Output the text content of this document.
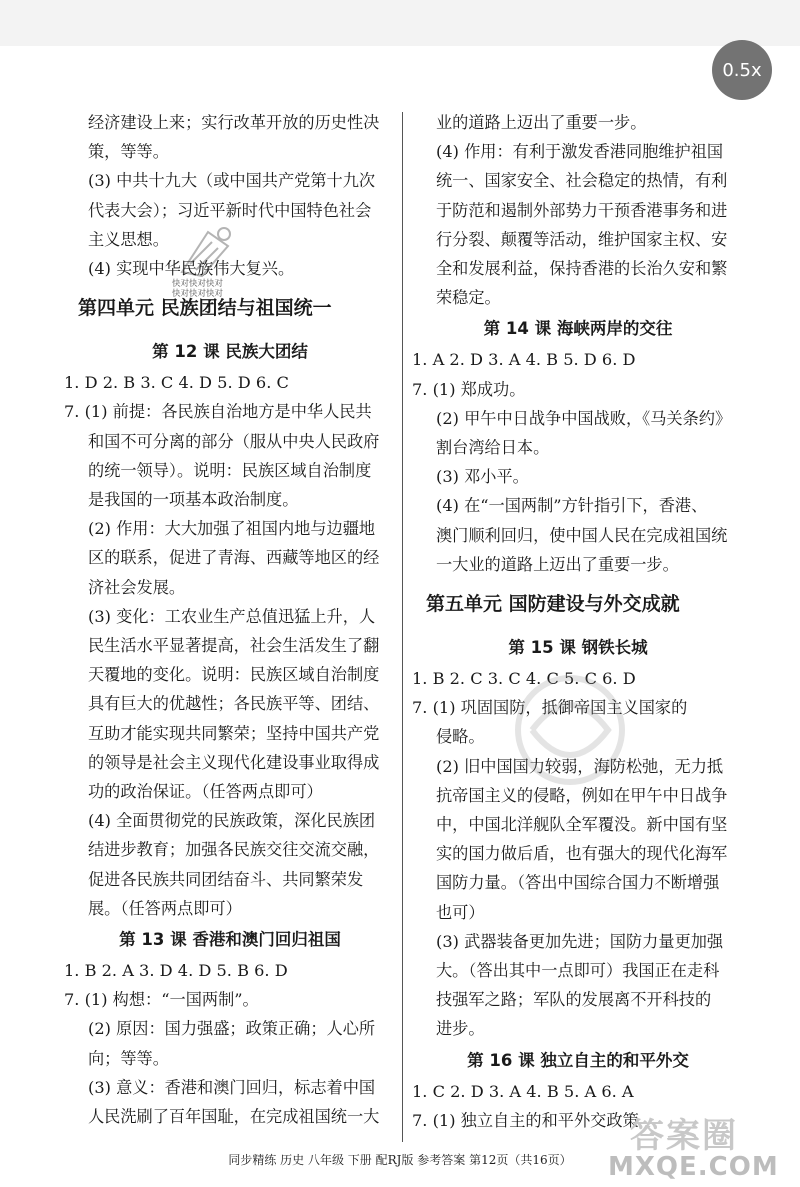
0.5x
快对快对快对
快对快对快对
经济建设上来；实行改革开放的历史性决
策，等等。
(3) 中共十九大（或中国共产党第十九次
代表大会）；习近平新时代中国特色社会
主义思想。
(4) 实现中华民族伟大复兴。
第四单元 民族团结与祖国统一
第 12 课 民族大团结
1. D 2. B 3. C 4. D 5. D 6. C
7. (1) 前提：各民族自治地方是中华人民共
和国不可分离的部分（服从中央人民政府
的统一领导）。说明：民族区域自治制度
是我国的一项基本政治制度。
(2) 作用：大大加强了祖国内地与边疆地
区的联系，促进了青海、西藏等地区的经
济社会发展。
(3) 变化：工农业生产总值迅猛上升，人
民生活水平显著提高，社会生活发生了翻
天覆地的变化。说明：民族区域自治制度
具有巨大的优越性；各民族平等、团结、
互助才能实现共同繁荣；坚持中国共产党
的领导是社会主义现代化建设事业取得成
功的政治保证。（任答两点即可）
(4) 全面贯彻党的民族政策，深化民族团
结进步教育；加强各民族交往交流交融，
促进各民族共同团结奋斗、共同繁荣发
展。（任答两点即可）
第 13 课 香港和澳门回归祖国
1. B 2. A 3. D 4. D 5. B 6. D
7. (1) 构想：“一国两制”。
(2) 原因：国力强盛；政策正确；人心所
向；等等。
(3) 意义：香港和澳门回归，标志着中国
人民洗刷了百年国耻，在完成祖国统一大
业的道路上迈出了重要一步。
(4) 作用：有利于激发香港同胞维护祖国
统一、国家安全、社会稳定的热情，有利
于防范和遏制外部势力干预香港事务和进
行分裂、颠覆等活动，维护国家主权、安
全和发展利益，保持香港的长治久安和繁
荣稳定。
第 14 课 海峡两岸的交往
1. A 2. D 3. A 4. B 5. D 6. D
7. (1) 郑成功。
(2) 甲午中日战争中国战败，《马关条约》
割台湾给日本。
(3) 邓小平。
(4) 在“一国两制”方针指引下，香港、
澳门顺利回归，使中国人民在完成祖国统
一大业的道路上迈出了重要一步。
第五单元 国防建设与外交成就
第 15 课 钢铁长城
1. B 2. C 3. C 4. C 5. C 6. D
7. (1) 巩固国防，抵御帝国主义国家的
侵略。
(2) 旧中国国力较弱，海防松弛，无力抵
抗帝国主义的侵略，例如在甲午中日战争
中，中国北洋舰队全军覆没。新中国有坚
实的国力做后盾，也有强大的现代化海军
国防力量。（答出中国综合国力不断增强
也可）
(3) 武器装备更加先进；国防力量更加强
大。（答出其中一点即可）我国正在走科
技强军之路；军队的发展离不开科技的
进步。
第 16 课 独立自主的和平外交
1. C 2. D 3. A 4. B 5. A 6. A
7. (1) 独立自主的和平外交政策
答案圈
MXQE.COM
同步精练 历史 八年级 下册 配RJ版 参考答案 第12页（共16页）
